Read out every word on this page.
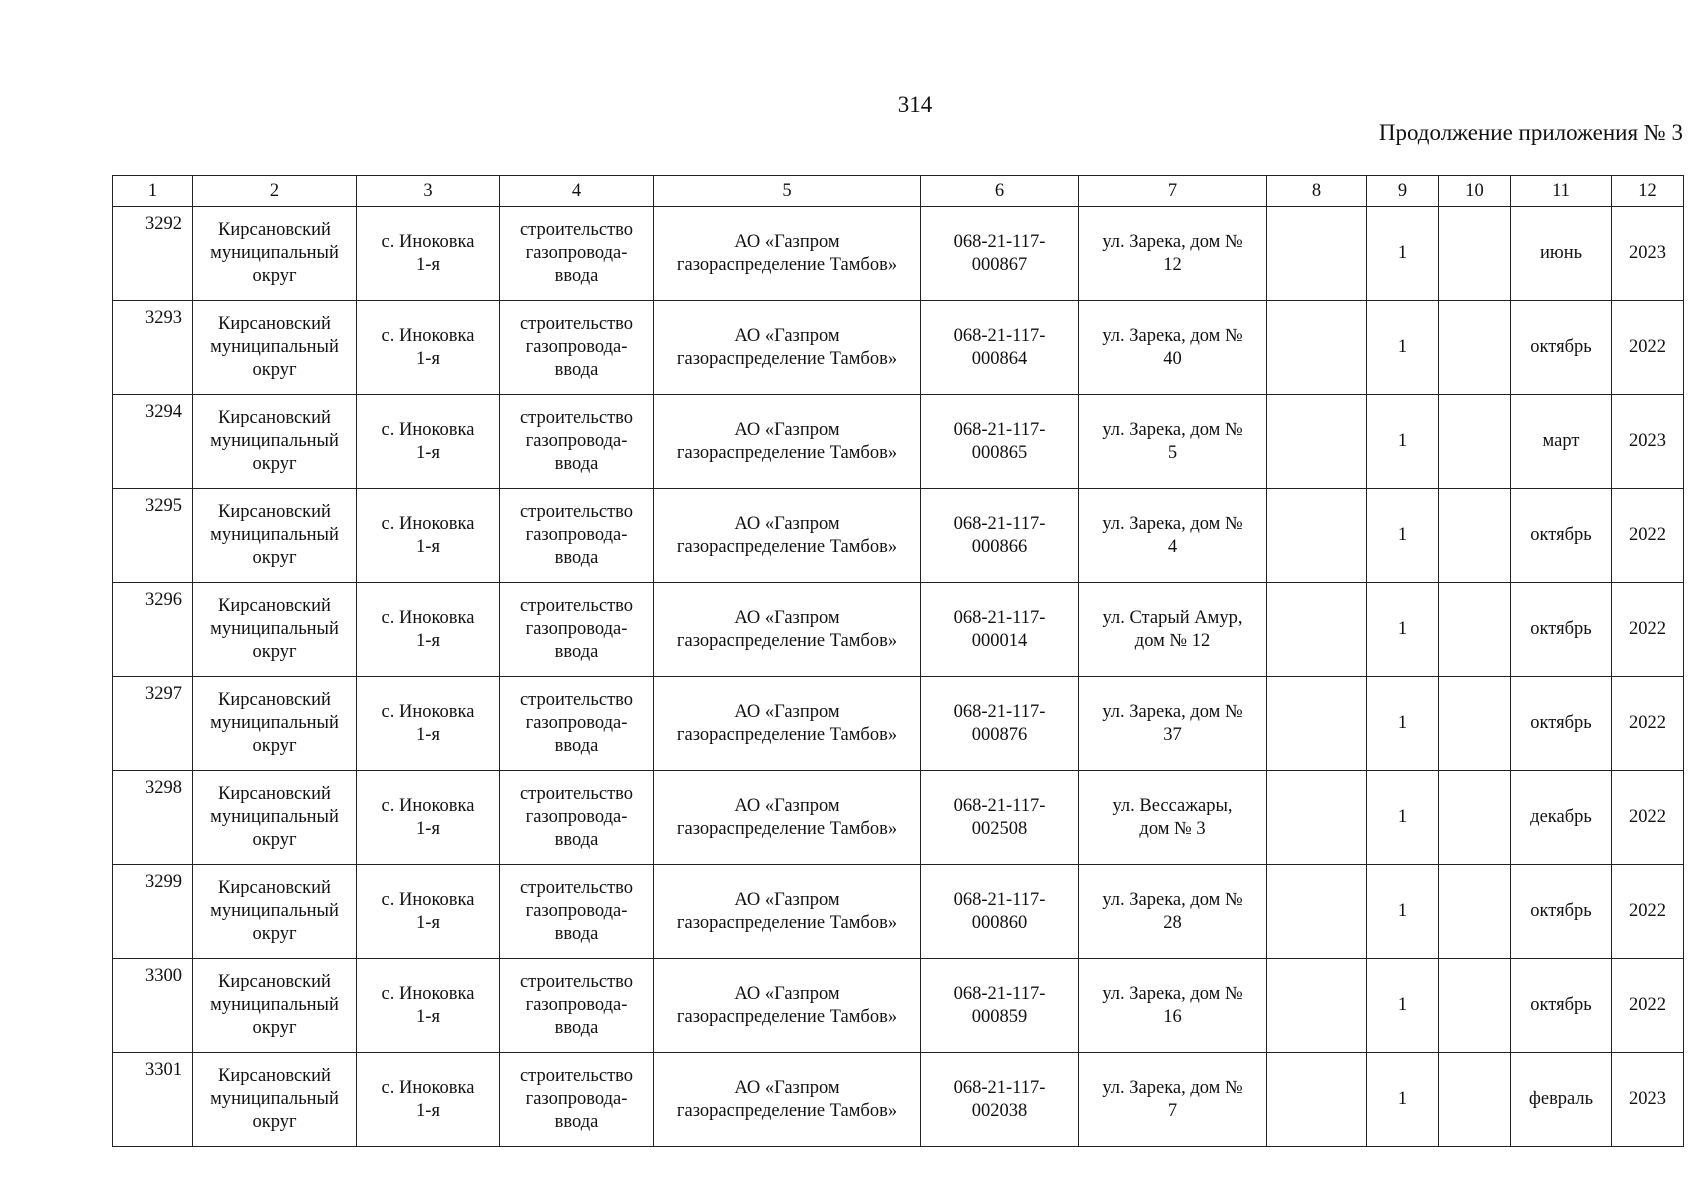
314
Продолжение приложения № 3
1	2	3	4	5	6	7	8	9	10	11	12
3292	Кирсановский
муниципальный
округ	с. Иноковка
1-я	строительство
газопровода-
ввода	АО «Газпром
газораспределение Тамбов»	068-21-117-
000867	ул. Зарека, дом №
12		1		июнь	2023
3293	Кирсановский
муниципальный
округ	с. Иноковка
1-я	строительство
газопровода-
ввода	АО «Газпром
газораспределение Тамбов»	068-21-117-
000864	ул. Зарека, дом №
40		1		октябрь	2022
3294	Кирсановский
муниципальный
округ	с. Иноковка
1-я	строительство
газопровода-
ввода	АО «Газпром
газораспределение Тамбов»	068-21-117-
000865	ул. Зарека, дом №
5		1		март	2023
3295	Кирсановский
муниципальный
округ	с. Иноковка
1-я	строительство
газопровода-
ввода	АО «Газпром
газораспределение Тамбов»	068-21-117-
000866	ул. Зарека, дом №
4		1		октябрь	2022
3296	Кирсановский
муниципальный
округ	с. Иноковка
1-я	строительство
газопровода-
ввода	АО «Газпром
газораспределение Тамбов»	068-21-117-
000014	ул. Старый Амур,
дом № 12		1		октябрь	2022
3297	Кирсановский
муниципальный
округ	с. Иноковка
1-я	строительство
газопровода-
ввода	АО «Газпром
газораспределение Тамбов»	068-21-117-
000876	ул. Зарека, дом №
37		1		октябрь	2022
3298	Кирсановский
муниципальный
округ	с. Иноковка
1-я	строительство
газопровода-
ввода	АО «Газпром
газораспределение Тамбов»	068-21-117-
002508	ул. Вессажары,
дом № 3		1		декабрь	2022
3299	Кирсановский
муниципальный
округ	с. Иноковка
1-я	строительство
газопровода-
ввода	АО «Газпром
газораспределение Тамбов»	068-21-117-
000860	ул. Зарека, дом №
28		1		октябрь	2022
3300	Кирсановский
муниципальный
округ	с. Иноковка
1-я	строительство
газопровода-
ввода	АО «Газпром
газораспределение Тамбов»	068-21-117-
000859	ул. Зарека, дом №
16		1		октябрь	2022
3301	Кирсановский
муниципальный
округ	с. Иноковка
1-я	строительство
газопровода-
ввода	АО «Газпром
газораспределение Тамбов»	068-21-117-
002038	ул. Зарека, дом №
7		1		февраль	2023
